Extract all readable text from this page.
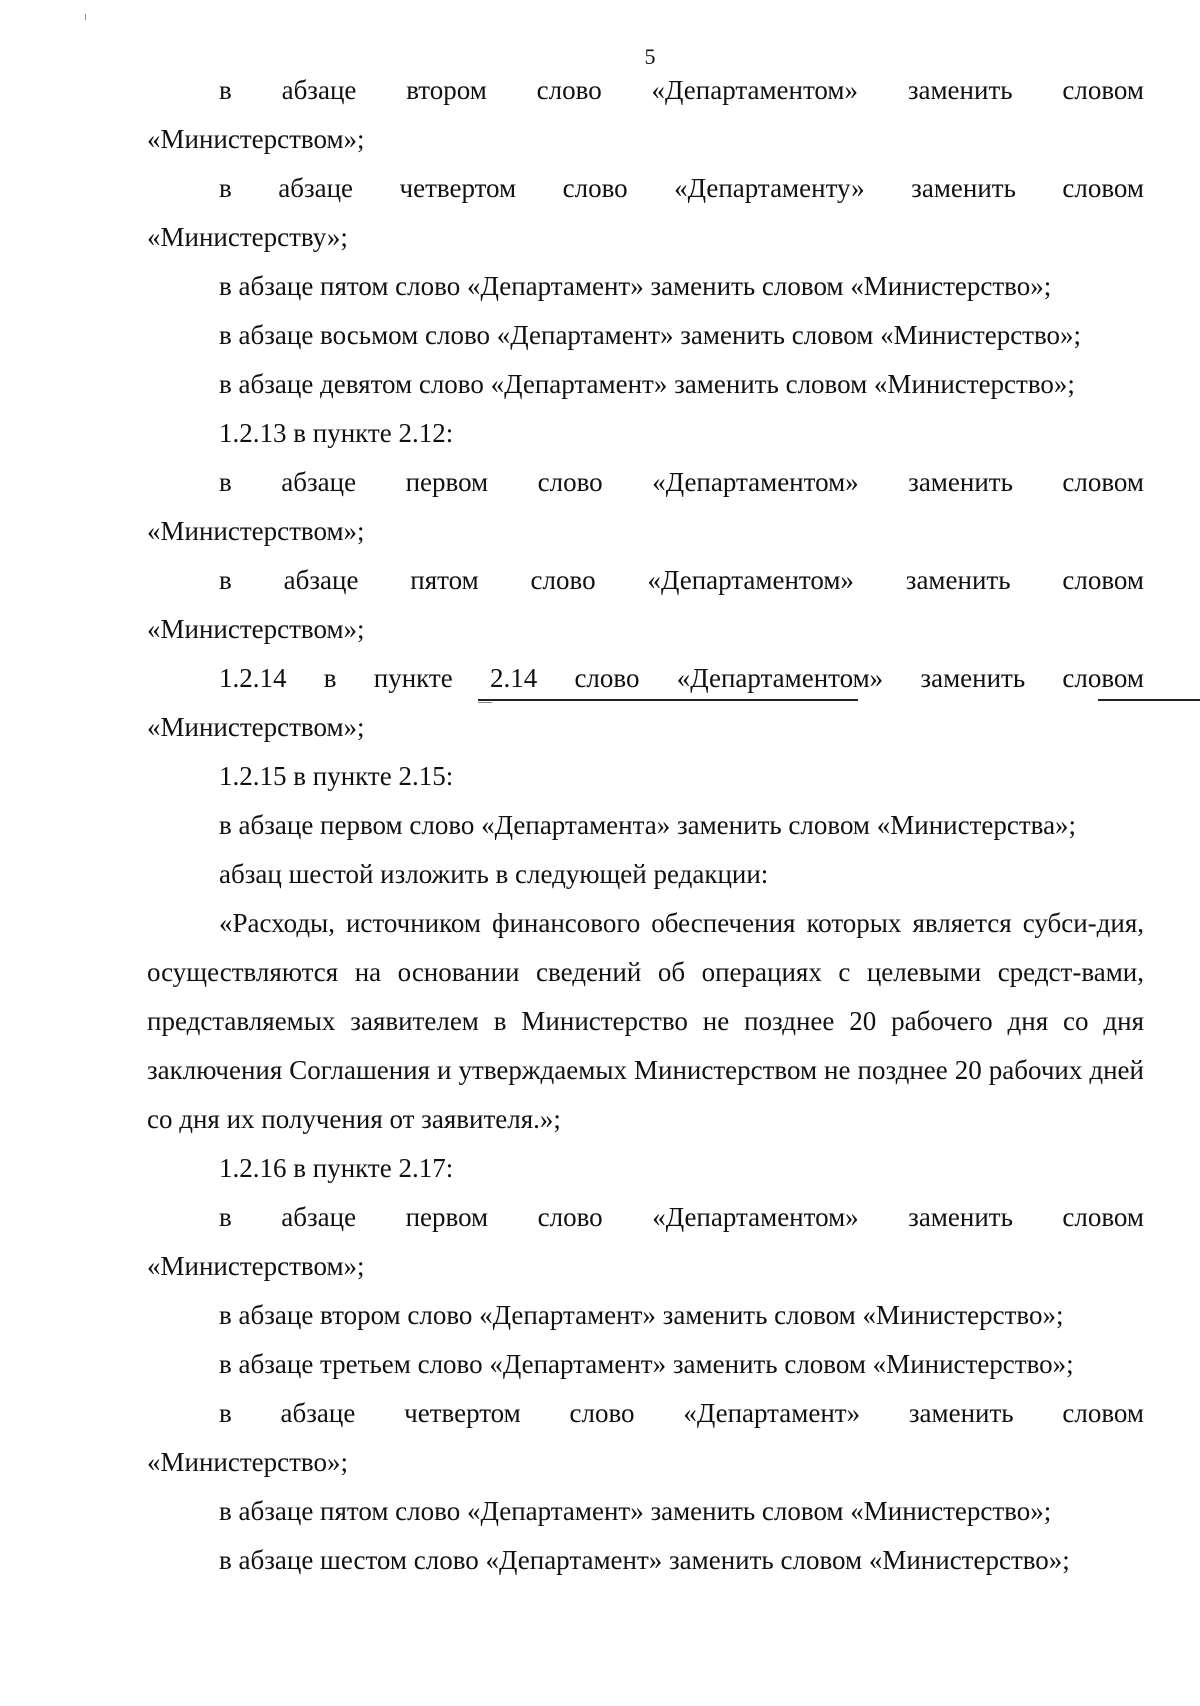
5

в абзаце втором слово «Департаментом» заменить словом

«Министерством»;

в абзаце четвертом слово «Департаменту» заменить словом

«Министерству»;

в абзаце пятом слово «Департамент» заменить словом «Министерство»;

в абзаце восьмом слово «Департамент» заменить словом «Министерство»;

в абзаце девятом слово «Департамент» заменить словом «Министерство»;

1.2.13 в пункте 2.12:

в абзаце первом слово «Департаментом» заменить словом

«Министерством»;

в абзаце пятом слово «Департаментом» заменить словом

«Министерством»;

1.2.14 в пункте 2.14 слово «Департаментом» заменить словом

«Министерством»;

1.2.15 в пункте 2.15:

в абзаце первом слово «Департамента» заменить словом «Министерства»;

абзац шестой изложить в следующей редакции:

«Расходы, источником финансового обеспечения которых является субси-дия, осуществляются на основании сведений об операциях с целевыми средст-вами, представляемых заявителем в Министерство не позднее 20 рабочего дня со дня заключения Соглашения и утверждаемых Министерством не позднее 20 рабочих дней со дня их получения от заявителя.»;

1.2.16 в пункте 2.17:

в абзаце первом слово «Департаментом» заменить словом

«Министерством»;

в абзаце втором слово «Департамент» заменить словом «Министерство»;

в абзаце третьем слово «Департамент» заменить словом «Министерство»;

в абзаце четвертом слово «Департамент» заменить словом

«Министерство»;

в абзаце пятом слово «Департамент» заменить словом «Министерство»;

в абзаце шестом слово «Департамент» заменить словом «Министерство»;
